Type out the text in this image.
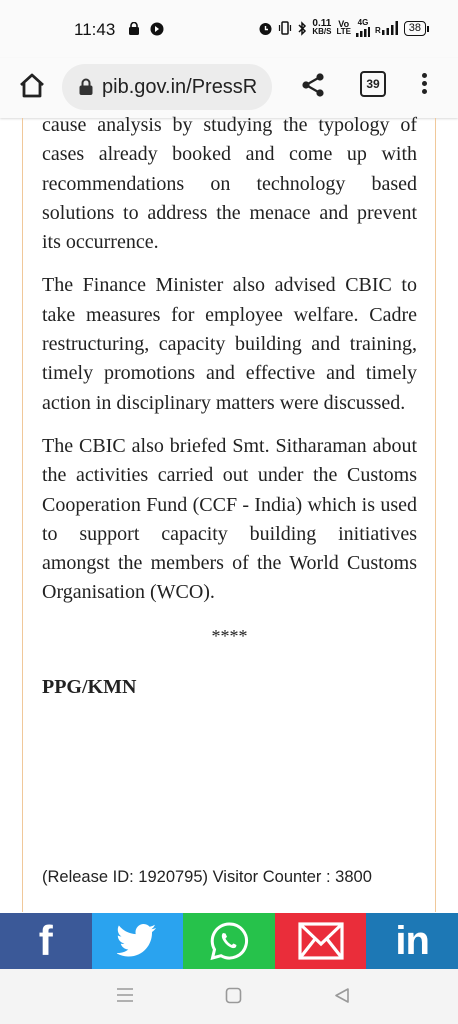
11:43
	0.11
KB/S
Vo
LTE
4G
R	38
pib.gov.in/PressR	39

cause analysis by studying the typology of cases already booked and come up with recommendations on technology based solutions to address the menace and prevent its occurrence.

The Finance Minister also advised CBIC to take measures for employee welfare. Cadre restructuring, capacity building and training, timely promotions and effective and timely action in disciplinary matters were discussed.

The CBIC also briefed Smt. Sitharaman about the activities carried out under the Customs Cooperation Fund (CCF - India) which is used to support capacity building initiatives amongst the members of the World Customs Organisation (WCO).

****
PPG/KMN
(Release ID: 1920795) Visitor Counter : 3800
f	in
